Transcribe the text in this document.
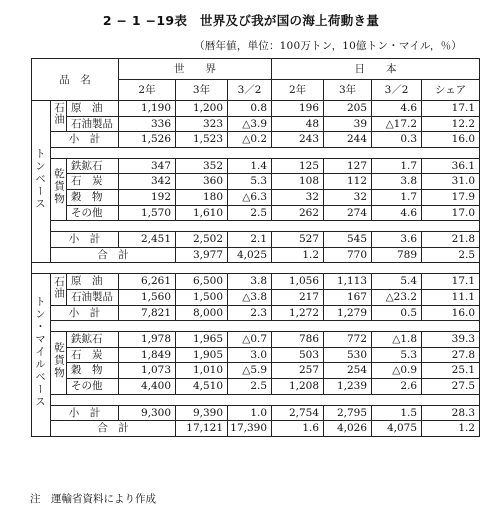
2 − 1 −19表　世界及び我が国の海上荷動き量
（暦年値，単位：100万トン，10億トン・マイル，％）
品　名			世　　界			日　　本				
			2年	3年	3／2	2年	3年	3／2	シェア	
トンベース	石油	原　油	1,190	1,200	0.8	196	205	4.6	17.1	
		石油製品	336	323	△3.9	48	39	△17.2	12.2	
	小　計		1,526	1,523	△0.2	243	244	0.3	16.0	

	乾貨物	鉄鉱石	347	352	1.4	125	127	1.7	36.1	
		石　炭	342	360	5.3	108	112	3.8	31.0	
		穀　物	192	180	△6.3	32	32	1.7	17.9	
		その他	1,570	1,610	2.5	262	274	4.6	17.0	

	小　計		2,451	2,502	2.1	527	545	3.6	21.8	
	合　計			3,977	4,025	1.2	770	789	2.5	

トン・マイルベース	石油	原　油	6,261	6,500	3.8	1,056	1,113	5.4	17.1	
		石油製品	1,560	1,500	△3.8	217	167	△23.2	11.1	
	小　計		7,821	8,000	2.3	1,272	1,279	0.5	16.0	

	乾貨物	鉄鉱石	1,978	1,965	△0.7	786	772	△1.8	39.3	
		石　炭	1,849	1,905	3.0	503	530	5.3	27.8	
		穀　物	1,073	1,010	△5.9	257	254	△0.9	25.1	
		その他	4,400	4,510	2.5	1,208	1,239	2.6	27.5	

	小　計		9,300	9,390	1.0	2,754	2,795	1.5	28.3	
	合　計			17,121	17,390	1.6	4,026	4,075	1.2	
注　運輸省資料により作成
